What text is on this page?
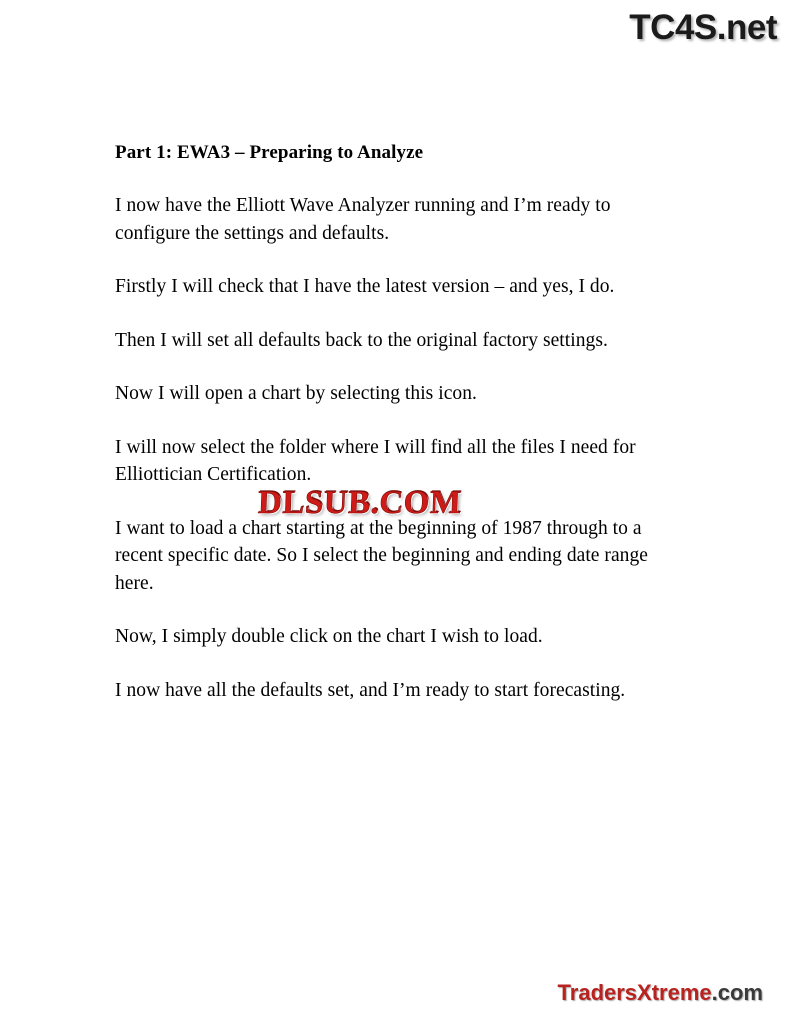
TC4S.net
Part 1: EWA3 – Preparing to Analyze

I now have the Elliott Wave Analyzer running and I’m ready to configure the settings and defaults.

Firstly I will check that I have the latest version – and yes, I do.

Then I will set all defaults back to the original factory settings.

Now I will open a chart by selecting this icon.

I will now select the folder where I will find all the files I need for Elliottician Certification.

I want to load a chart starting at the beginning of 1987 through to a recent specific date. So I select the beginning and ending date range here.

Now, I simply double click on the chart I wish to load.

I now have all the defaults set, and I’m ready to start forecasting.

DLSUB.COM
TradersXtreme.com
